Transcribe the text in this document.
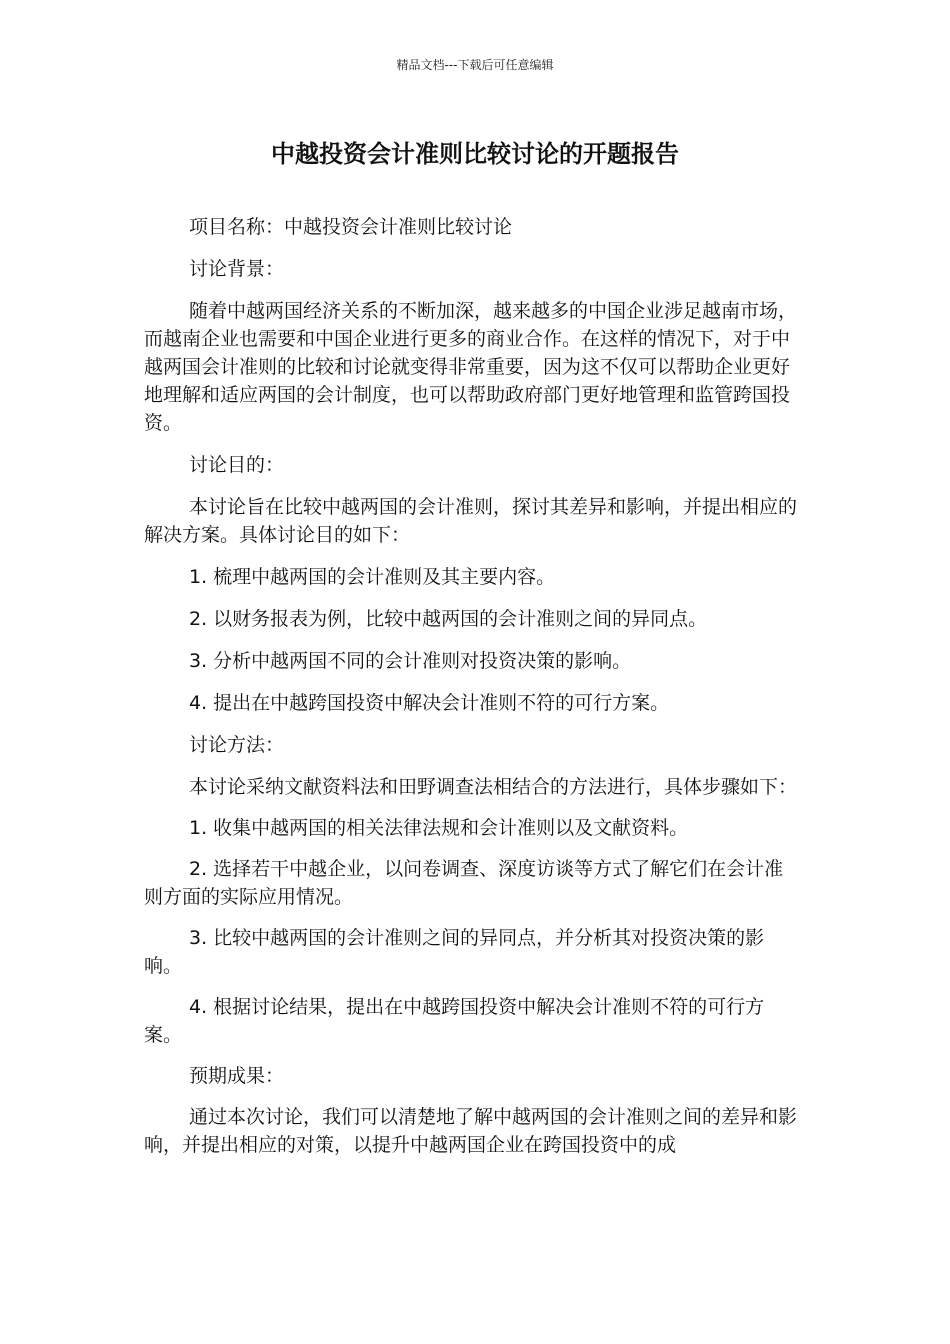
精品文档---下载后可任意编辑
中越投资会计准则比较讨论的开题报告

项目名称：中越投资会计准则比较讨论

讨论背景：

随着中越两国经济关系的不断加深，越来越多的中国企业涉足越南市场，而越南企业也需要和中国企业进行更多的商业合作。在这样的情况下，对于中越两国会计准则的比较和讨论就变得非常重要，因为这不仅可以帮助企业更好地理解和适应两国的会计制度，也可以帮助政府部门更好地管理和监管跨国投资。

讨论目的：

本讨论旨在比较中越两国的会计准则，探讨其差异和影响，并提出相应的解决方案。具体讨论目的如下：

1. 梳理中越两国的会计准则及其主要内容。

2. 以财务报表为例，比较中越两国的会计准则之间的异同点。

3. 分析中越两国不同的会计准则对投资决策的影响。

4. 提出在中越跨国投资中解决会计准则不符的可行方案。

讨论方法：

本讨论采纳文献资料法和田野调查法相结合的方法进行，具体步骤如下：

1. 收集中越两国的相关法律法规和会计准则以及文献资料。

2. 选择若干中越企业，以问卷调查、深度访谈等方式了解它们在会计准则方面的实际应用情况。

3. 比较中越两国的会计准则之间的异同点，并分析其对投资决策的影响。

4. 根据讨论结果，提出在中越跨国投资中解决会计准则不符的可行方案。

预期成果：

通过本次讨论，我们可以清楚地了解中越两国的会计准则之间的差异和影响，并提出相应的对策，以提升中越两国企业在跨国投资中的成
